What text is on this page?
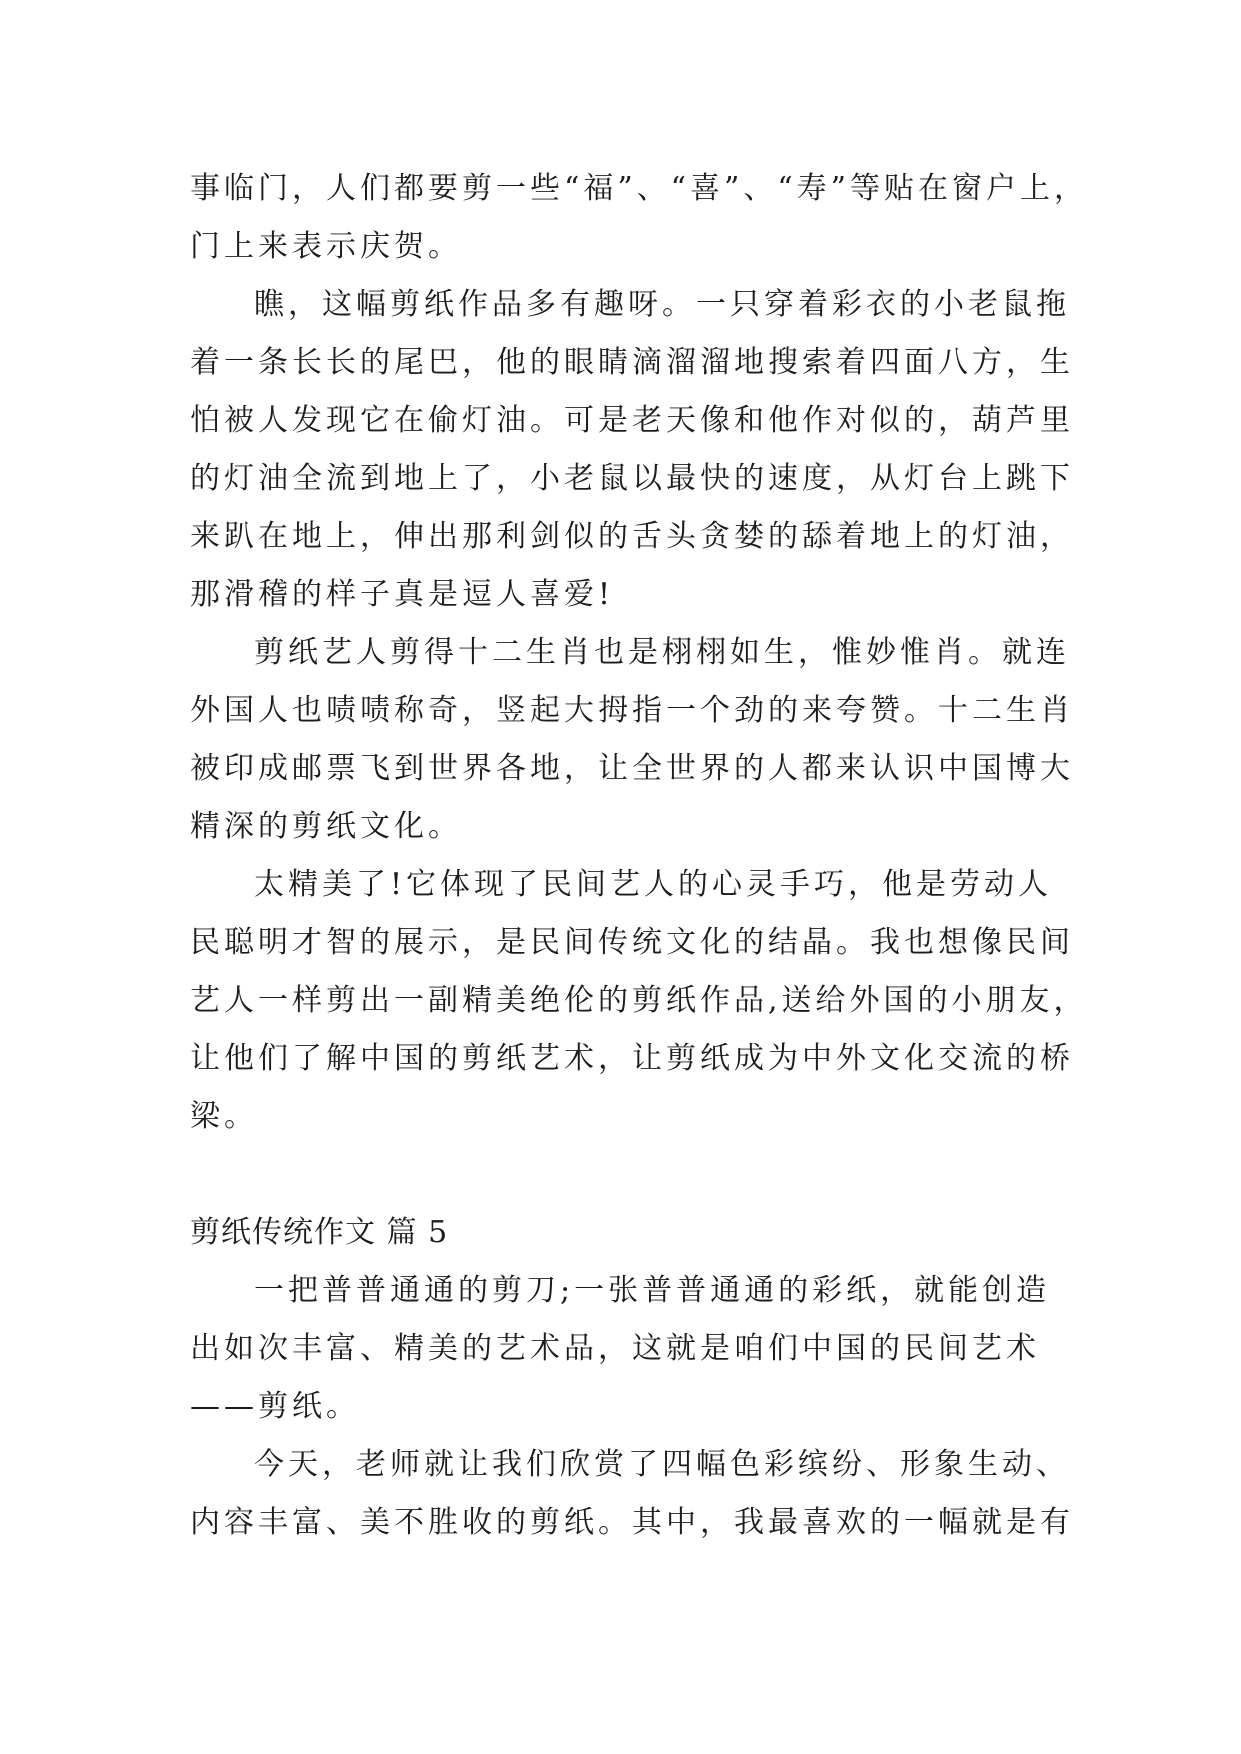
事临门，人们都要剪一些“福”、“喜”、“寿”等贴在窗户上，
门上来表示庆贺。
瞧，这幅剪纸作品多有趣呀。一只穿着彩衣的小老鼠拖
着一条长长的尾巴，他的眼睛滴溜溜地搜索着四面八方，生
怕被人发现它在偷灯油。可是老天像和他作对似的，葫芦里
的灯油全流到地上了，小老鼠以最快的速度，从灯台上跳下
来趴在地上，伸出那利剑似的舌头贪婪的舔着地上的灯油，
那滑稽的样子真是逗人喜爱!
剪纸艺人剪得十二生肖也是栩栩如生，惟妙惟肖。就连
外国人也啧啧称奇，竖起大拇指一个劲的来夸赞。十二生肖
被印成邮票飞到世界各地，让全世界的人都来认识中国博大
精深的剪纸文化。
太精美了!它体现了民间艺人的心灵手巧，他是劳动人
民聪明才智的展示，是民间传统文化的结晶。我也想像民间
艺人一样剪出一副精美绝伦的剪纸作品,送给外国的小朋友，
让他们了解中国的剪纸艺术，让剪纸成为中外文化交流的桥
梁。
剪纸传统作文 篇 5
一把普普通通的剪刀;一张普普通通的彩纸，就能创造
出如次丰富、精美的艺术品，这就是咱们中国的民间艺术
——剪纸。
今天，老师就让我们欣赏了四幅色彩缤纷、形象生动、
内容丰富、美不胜收的剪纸。其中，我最喜欢的一幅就是有
